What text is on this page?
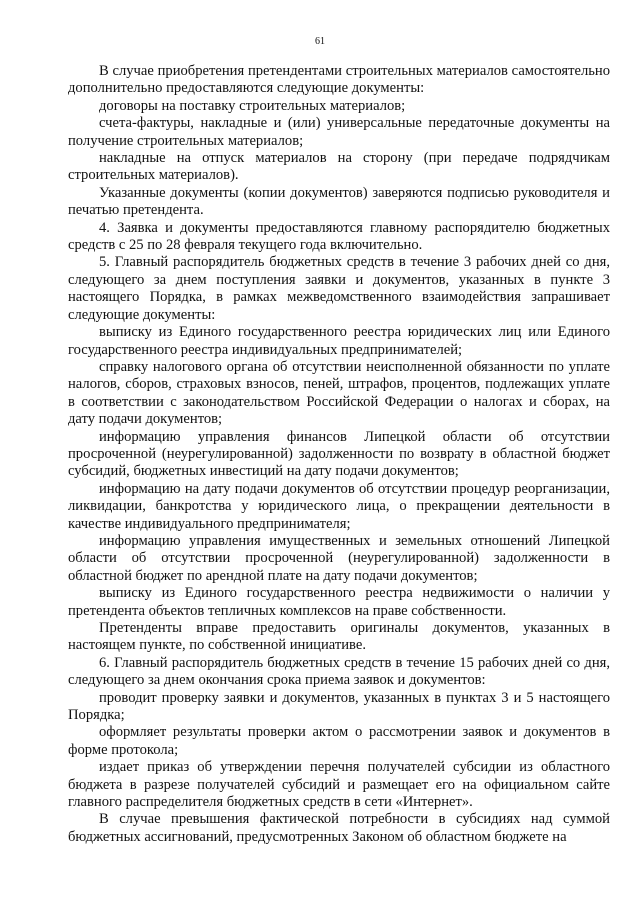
61

В случае приобретения претендентами строительных материалов самостоятельно дополнительно предоставляются следующие документы:

договоры на поставку строительных материалов;

счета-фактуры, накладные и (или) универсальные передаточные документы на получение строительных материалов;

накладные на отпуск материалов на сторону (при передаче подрядчикам строительных материалов).

Указанные документы (копии документов) заверяются подписью руководителя и печатью претендента.

4. Заявка и документы предоставляются главному распорядителю бюджетных средств с 25 по 28 февраля текущего года включительно.

5. Главный распорядитель бюджетных средств в течение 3 рабочих дней со дня, следующего за днем поступления заявки и документов, указанных в пункте 3 настоящего Порядка, в рамках межведомственного взаимодействия запрашивает следующие документы:

выписку из Единого государственного реестра юридических лиц или Единого государственного реестра индивидуальных предпринимателей;

справку налогового органа об отсутствии неисполненной обязанности по уплате налогов, сборов, страховых взносов, пеней, штрафов, процентов, подлежащих уплате в соответствии с законодательством Российской Федерации о налогах и сборах, на дату подачи документов;

информацию управления финансов Липецкой области об отсутствии просроченной (неурегулированной) задолженности по возврату в областной бюджет субсидий, бюджетных инвестиций на дату подачи документов;

информацию на дату подачи документов об отсутствии процедур реорганизации, ликвидации, банкротства у юридического лица, о прекращении деятельности в качестве индивидуального предпринимателя;

информацию управления имущественных и земельных отношений Липецкой области об отсутствии просроченной (неурегулированной) задолженности в областной бюджет по арендной плате на дату подачи документов;

выписку из Единого государственного реестра недвижимости о наличии у претендента объектов тепличных комплексов на праве собственности.

Претенденты вправе предоставить оригиналы документов, указанных в настоящем пункте, по собственной инициативе.

6. Главный распорядитель бюджетных средств в течение 15 рабочих дней со дня, следующего за днем окончания срока приема заявок и документов:

проводит проверку заявки и документов, указанных в пунктах 3 и 5 настоящего Порядка;

оформляет результаты проверки актом о рассмотрении заявок и документов в форме протокола;

издает приказ об утверждении перечня получателей субсидии из областного бюджета в разрезе получателей субсидий и размещает его на официальном сайте главного распределителя бюджетных средств в сети «Интернет».

В случае превышения фактической потребности в субсидиях над суммой бюджетных ассигнований, предусмотренных Законом об областном бюджете на
